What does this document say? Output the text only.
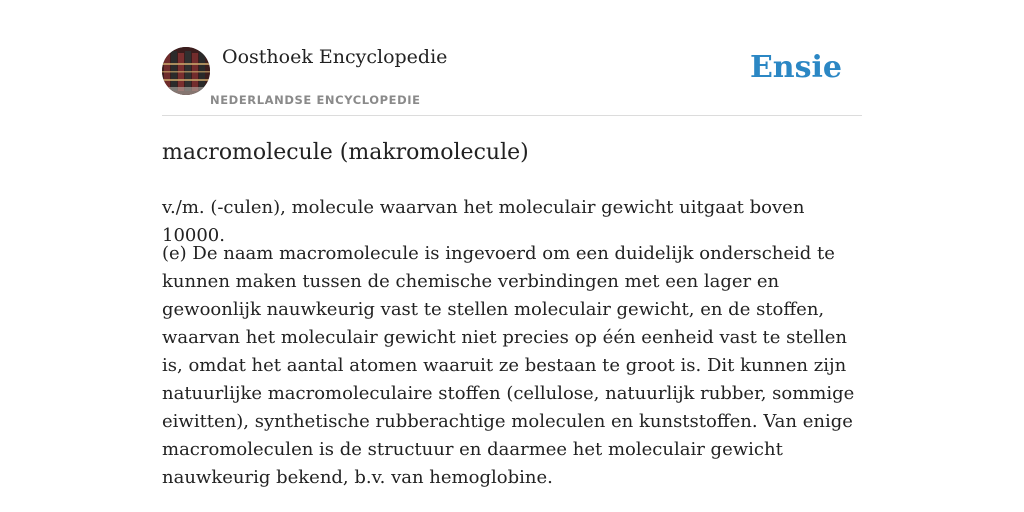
Oosthoek Encyclopedie
NEDERLANDSE ENCYCLOPEDIE
Ensie
macromolecule (makromolecule)

v./m. (-culen), molecule waarvan het moleculair gewicht uitgaat boven 10000.

(e) De naam macromolecule is ingevoerd om een duidelijk onderscheid te kunnen maken tussen de chemische verbindingen met een lager en gewoonlijk nauwkeurig vast te stellen moleculair gewicht, en de stoffen, waarvan het moleculair gewicht niet precies op één eenheid vast te stellen is, omdat het aantal atomen waaruit ze bestaan te groot is. Dit kunnen zijn natuurlijke macromoleculaire stoffen (cellulose, natuurlijk rubber, sommige eiwitten), synthetische rubberachtige moleculen en kunststoffen. Van enige macromoleculen is de structuur en daarmee het moleculair gewicht nauwkeurig bekend, b.v. van hemoglobine.
